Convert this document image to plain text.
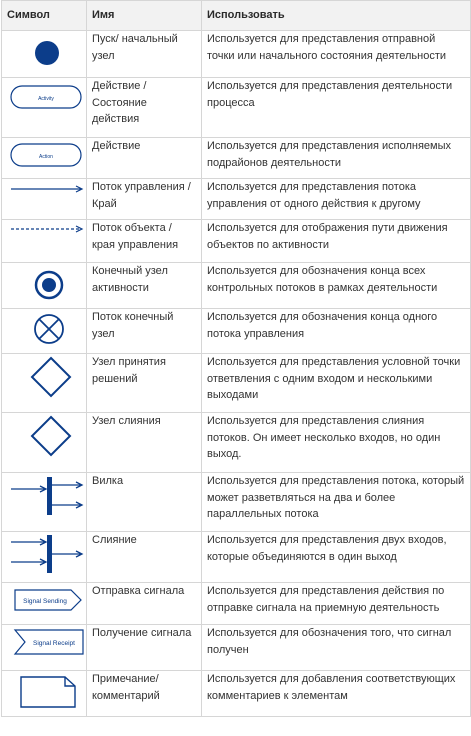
Символ	Имя	Использовать

	Пуск/ начальный узел	Используется для представления отправной точки или начального состояния деятельности

Activity	Действие / Состояние действия	Используется для представления деятельности процесса

Action	Действие	Используется для представления исполняемых подрайонов деятельности

	Поток управления / Край	Используется для представления потока управления от одного действия к другому

	Поток объекта / края управления	Используется для отображения пути движения объектов по активности

	Конечный узел активности	Используется для обозначения конца всех контрольных потоков в рамках деятельности

	Поток конечный узел	Используется для обозначения конца одного потока управления

	Узел принятия решений	Используется для представления условной точки ответвления с одним входом и несколькими выходами

	Узел слияния	Используется для представления слияния потоков. Он имеет несколько входов, но один выход.

	Вилка	Используется для представления потока, который может разветвляться на два и более параллельных потока

	Слияние	Используется для представления двух входов, которые объединяются в один выход

Signal Sending	Отправка сигнала	Используется для представления действия по отправке сигнала на приемную деятельность

Signal Receipt	Получение сигнала	Используется для обозначения того, что сигнал получен

	Примечание/ комментарий	Используется для добавления соответствующих комментариев к элементам
